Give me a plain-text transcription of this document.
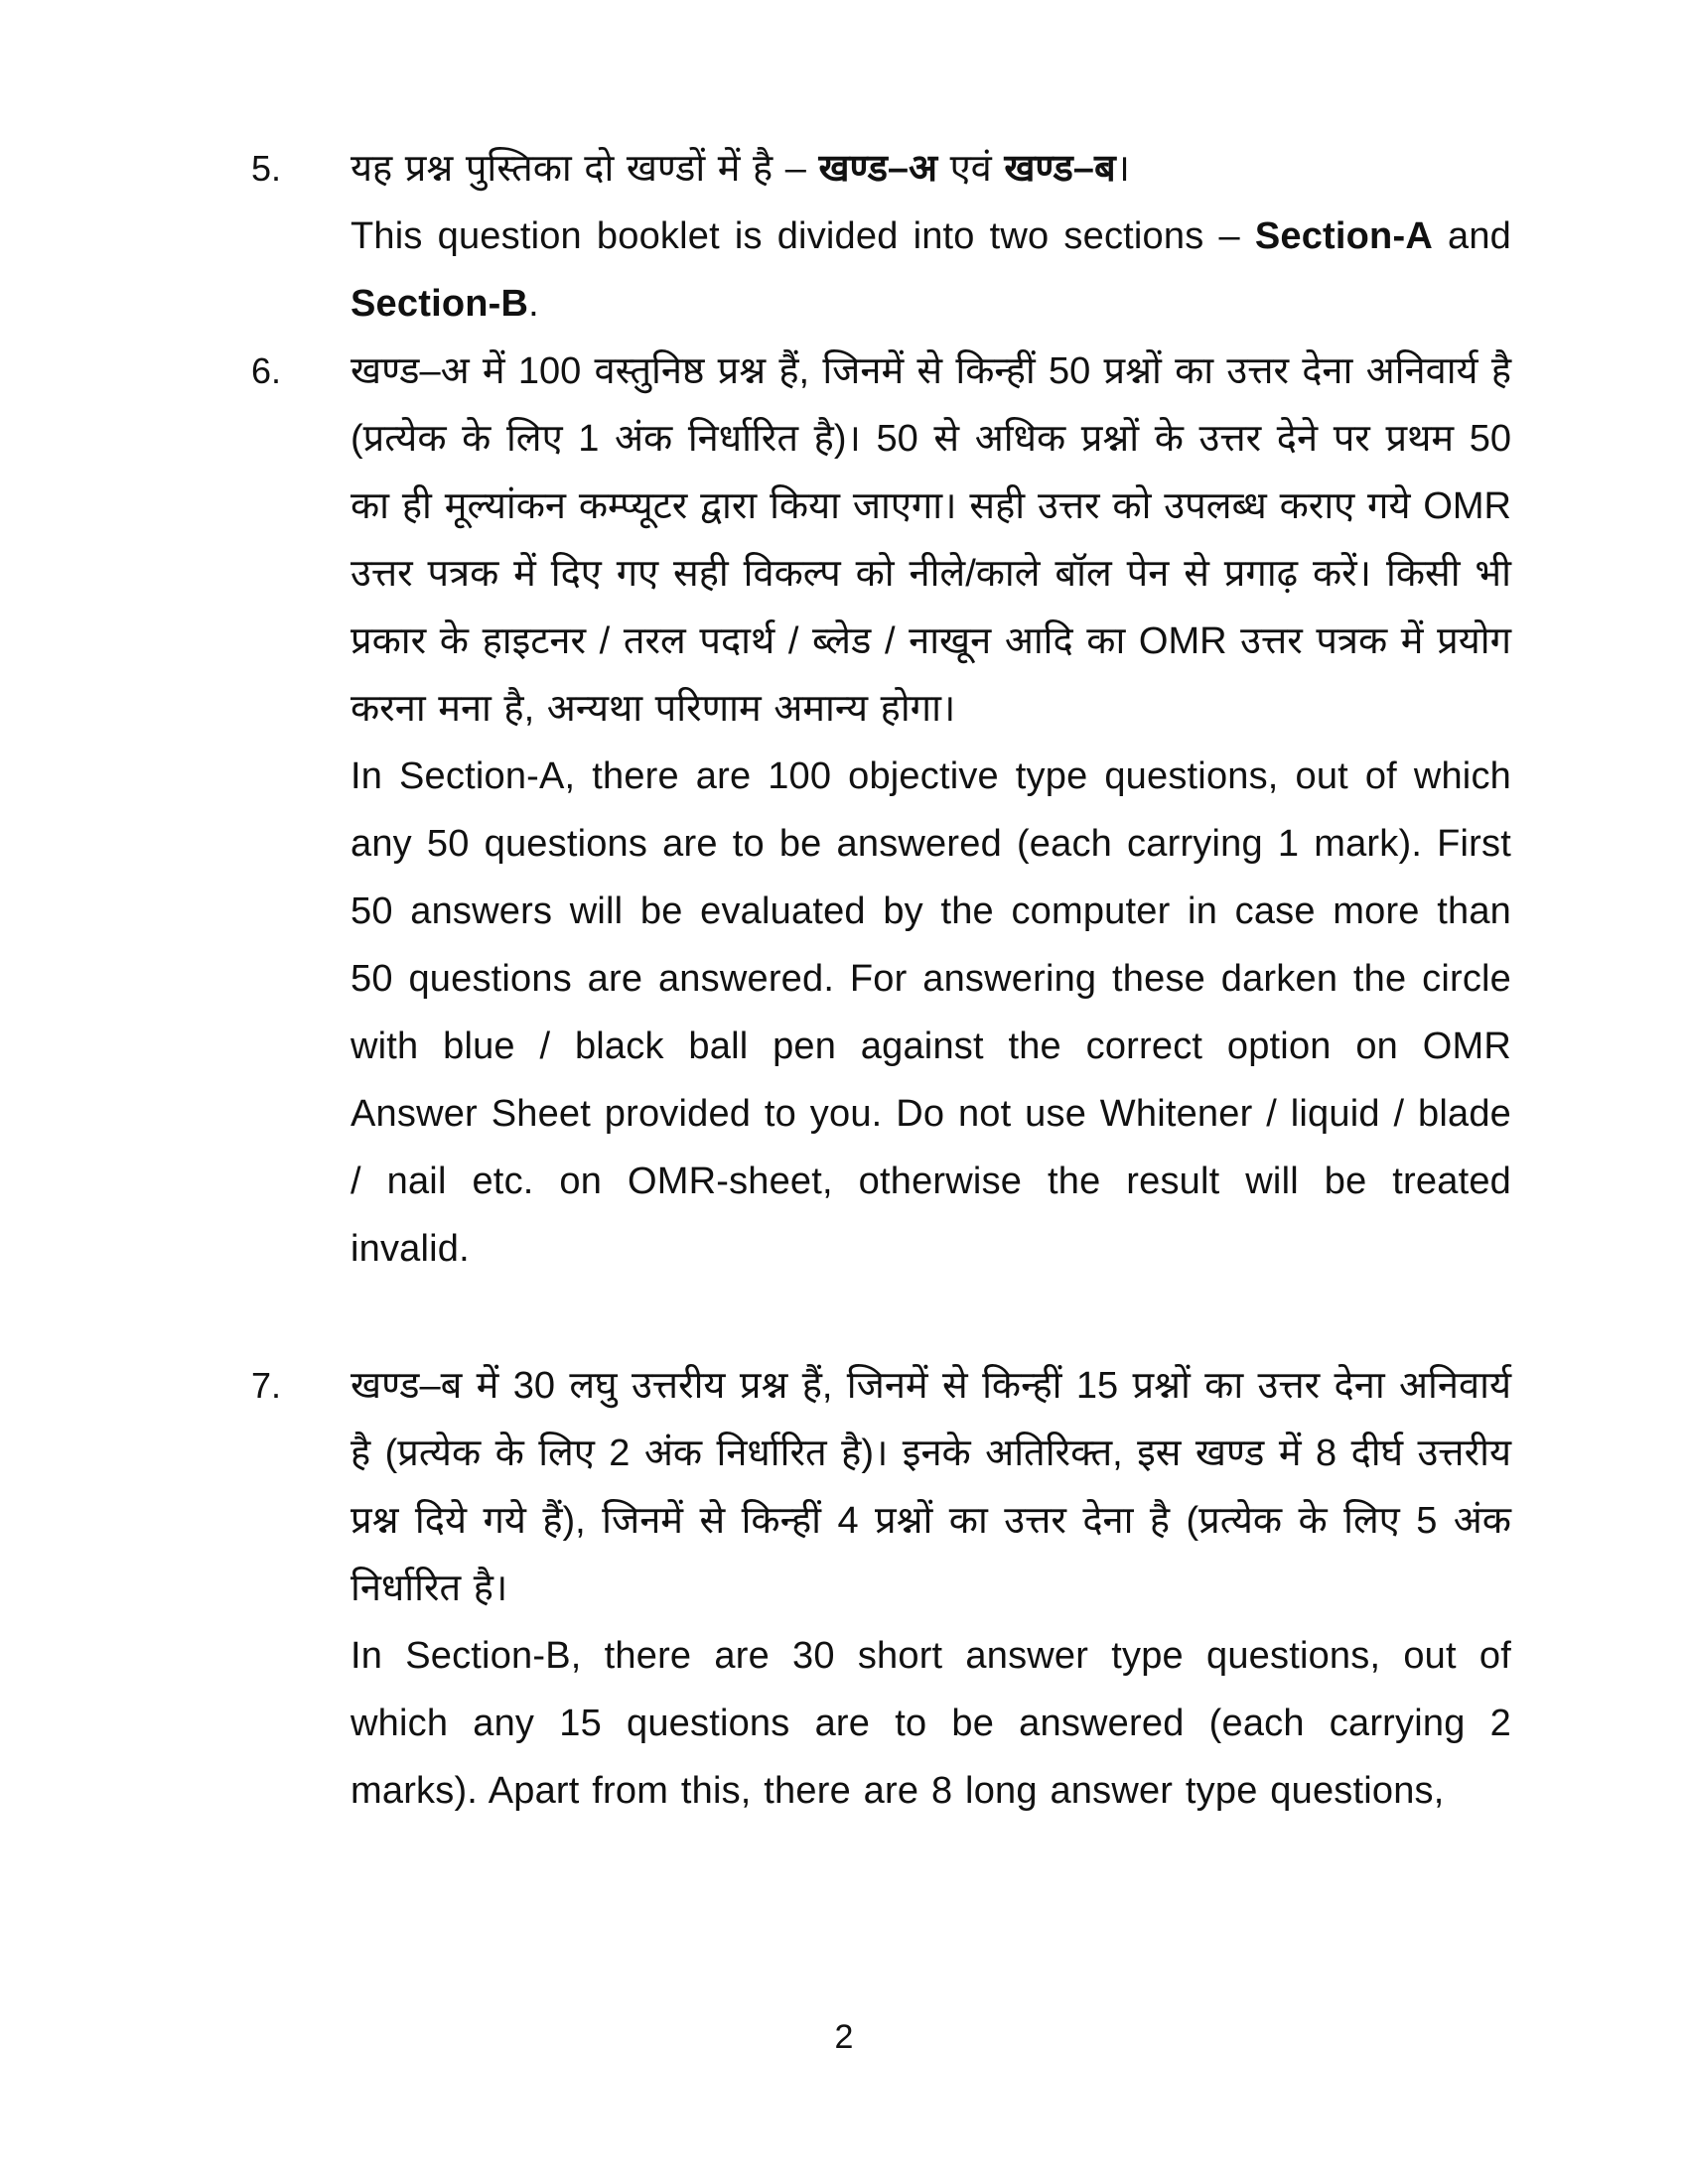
5.	यह प्रश्न पुस्तिका दो खण्डों में है – खण्ड–अ एवं खण्ड–ब।

This question booklet is divided into two sections – Section-A and Section-B.

6.	खण्ड–अ में 100 वस्तुनिष्ठ प्रश्न हैं, जिनमें से किन्हीं 50 प्रश्नों का उत्तर देना अनिवार्य है (प्रत्येक के लिए 1 अंक निर्धारित है)। 50 से अधिक प्रश्नों के उत्तर देने पर प्रथम 50 का ही मूल्यांकन कम्प्यूटर द्वारा किया जाएगा। सही उत्तर को उपलब्ध कराए गये OMR उत्तर पत्रक में दिए गए सही विकल्प को नीले/काले बॉल पेन से प्रगाढ़ करें। किसी भी प्रकार के हाइटनर / तरल पदार्थ / ब्लेड / नाखून आदि का OMR उत्तर पत्रक में प्रयोग करना मना है, अन्यथा परिणाम अमान्य होगा।

In Section-A, there are 100 objective type questions, out of which any 50 questions are to be answered (each carrying 1 mark). First 50 answers will be evaluated by the computer in case more than 50 questions are answered. For answering these darken the circle with blue / black ball pen against the correct option on OMR Answer Sheet provided to you. Do not use Whitener / liquid / blade / nail etc. on OMR-sheet, otherwise the result will be treated invalid.

7.	खण्ड–ब में 30 लघु उत्तरीय प्रश्न हैं, जिनमें से किन्हीं 15 प्रश्नों का उत्तर देना अनिवार्य है (प्रत्येक के लिए 2 अंक निर्धारित है)। इनके अतिरिक्त, इस खण्ड में 8 दीर्घ उत्तरीय प्रश्न दिये गये हैं), जिनमें से किन्हीं 4 प्रश्नों का उत्तर देना है (प्रत्येक के लिए 5 अंक निर्धारित है।

In Section-B, there are 30 short answer type questions, out of which any 15 questions are to be answered (each carrying 2 marks). Apart from this, there are 8 long answer type questions,

2
